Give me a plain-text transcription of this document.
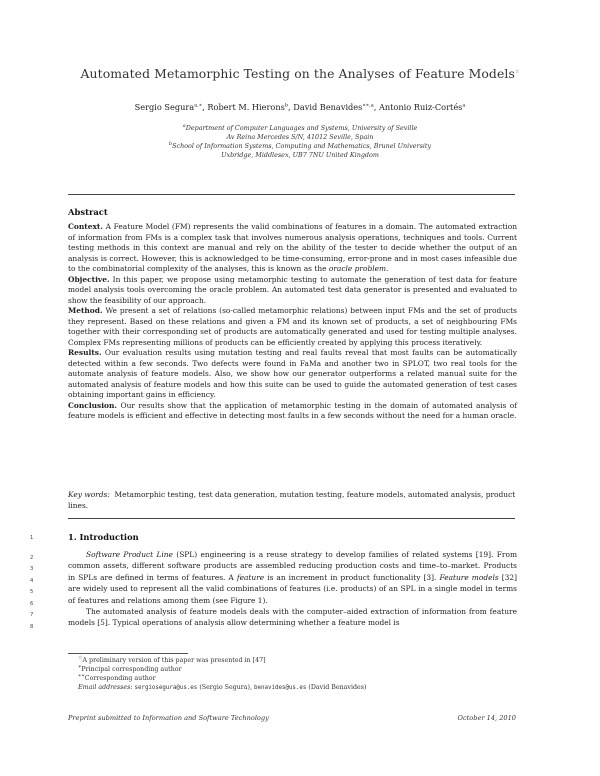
Automated Metamorphic Testing on the Analyses of Feature Models☆
Sergio Segura$^{a,∗}$, Robert M. Hierons$^b$, David Benavides$^{∗∗,a}$, Antonio Ruiz-Cortés$^a$
$^a$Department of Computer Languages and Systems, University of Seville
Av Reina Mercedes S/N, 41012 Seville, Spain
$^b$School of Information Systems, Computing and Mathematics, Brunel University
Uxbridge, Middlesex, UB7 7NU United Kingdom
Abstract

Context. A Feature Model (FM) represents the valid combinations of features in a domain. The automated extraction of information from FMs is a complex task that involves numerous analysis operations, techniques and tools. Current testing methods in this context are manual and rely on the ability of the tester to decide whether the output of an analysis is correct. However, this is acknowledged to be time-consuming, error-prone and in most cases infeasible due to the combinatorial complexity of the analyses, this is known as the oracle problem.

Objective. In this paper, we propose using metamorphic testing to automate the generation of test data for feature model analysis tools overcoming the oracle problem. An automated test data generator is presented and evaluated to show the feasibility of our approach.

Method. We present a set of relations (so-called metamorphic relations) between input FMs and the set of products they represent. Based on these relations and given a FM and its known set of products, a set of neighbouring FMs together with their corresponding set of products are automatically generated and used for testing multiple analyses. Complex FMs representing millions of products can be efficiently created by applying this process iteratively.

Results. Our evaluation results using mutation testing and real faults reveal that most faults can be automatically detected within a few seconds. Two defects were found in FaMa and another two in SPLOT, two real tools for the automate analysis of feature models. Also, we show how our generator outperforms a related manual suite for the automated analysis of feature models and how this suite can be used to guide the automated generation of test cases obtaining important gains in efficiency.

Conclusion. Our results show that the application of metamorphic testing in the domain of automated analysis of feature models is efficient and effective in detecting most faults in a few seconds without the need for a human oracle.

Key words: Metamorphic testing, test data generation, mutation testing, feature models, automated analysis, product lines.
1
2
3
4
5
6
7
8
1. Introduction

Software Product Line (SPL) engineering is a reuse strategy to develop families of related systems [19]. From common assets, different software products are assembled reducing production costs and time–to–market. Products in SPLs are defined in terms of features. A feature is an increment in product functionality [3]. Feature models [32] are widely used to represent all the valid combinations of features (i.e. products) of an SPL in a single model in terms of features and relations among them (see Figure 1).

The automated analysis of feature models deals with the computer–aided extraction of information from feature models [5]. Typical operations of analysis allow determining whether a feature model is

☆A preliminary version of this paper was presented in [47]
∗Principal corresponding author
∗∗Corresponding author
Email addresses: sergiosegura@us.es (Sergio Segura), benavides@us.es (David Benavides)
Preprint submitted to Information and Software Technology	October 14, 2010
